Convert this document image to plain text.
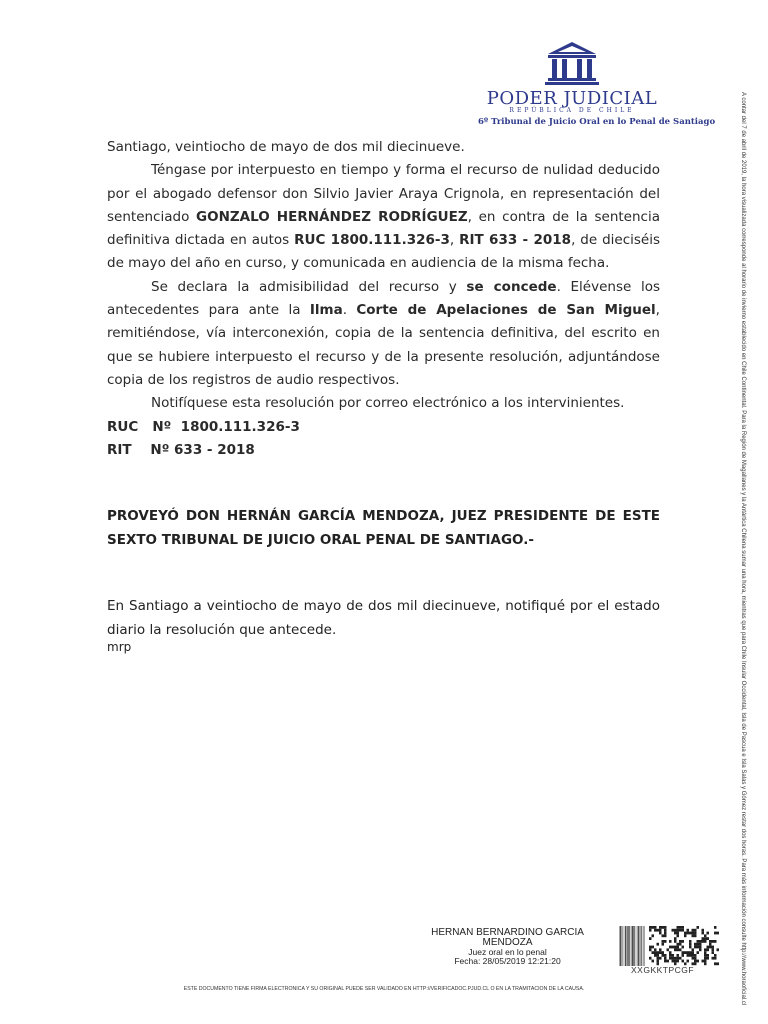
PODER JUDICIAL
REPÚBLICA DE CHILE
6º Tribunal de Juicio Oral en lo Penal de Santiago	A contar del 7 de abril de 2019, la hora visualizada corresponde al horario de invierno establecido en Chile Continental. Para la Región de Magallanes y la Antártica Chilena sumar una hora, mientras que para Chile Insular Occidental, Isla de Pascua e Isla Salas y Gómez restar dos horas. Para más información consulte http://www.horaoficial.cl

Santiago, veintiocho de mayo de dos mil diecinueve.

Téngase por interpuesto en tiempo y forma el recurso de nulidad deducido por el abogado defensor don Silvio Javier Araya Crignola, en representación del sentenciado GONZALO HERNÁNDEZ RODRÍGUEZ, en contra de la sentencia definitiva dictada en autos RUC 1800.111.326-3, RIT 633 - 2018, de dieciséis de mayo del año en curso, y comunicada en audiencia de la misma fecha.

Se declara la admisibilidad del recurso y se concede. Elévense los antecedentes para ante la Ilma. Corte de Apelaciones de San Miguel, remitiéndose, vía interconexión, copia de la sentencia definitiva, del escrito en que se hubiere interpuesto el recurso y de la presente resolución, adjuntándose copia de los registros de audio respectivos.

Notifíquese esta resolución por correo electrónico a los intervinientes.

RUC   Nº  1800.111.326-3

RIT    Nº 633 - 2018

PROVEYÓ DON HERNÁN GARCÍA MENDOZA, JUEZ PRESIDENTE DE ESTE SEXTO TRIBUNAL DE JUICIO ORAL PENAL DE SANTIAGO.-
En Santiago a veintiocho de mayo de dos mil diecinueve, notifiqué por el estado diario la resolución que antecede.
mrp
HERNAN BERNARDINO GARCIA MENDOZA
Juez oral en lo penal
Fecha: 28/05/2019 12:21:20
XXGKKTPCGF
ESTE DOCUMENTO TIENE FIRMA ELECTRONICA Y SU ORIGINAL PUEDE SER VALIDADO EN HTTP://VERIFICADOC.PJUD.CL O EN LA TRAMITACION DE LA CAUSA.
